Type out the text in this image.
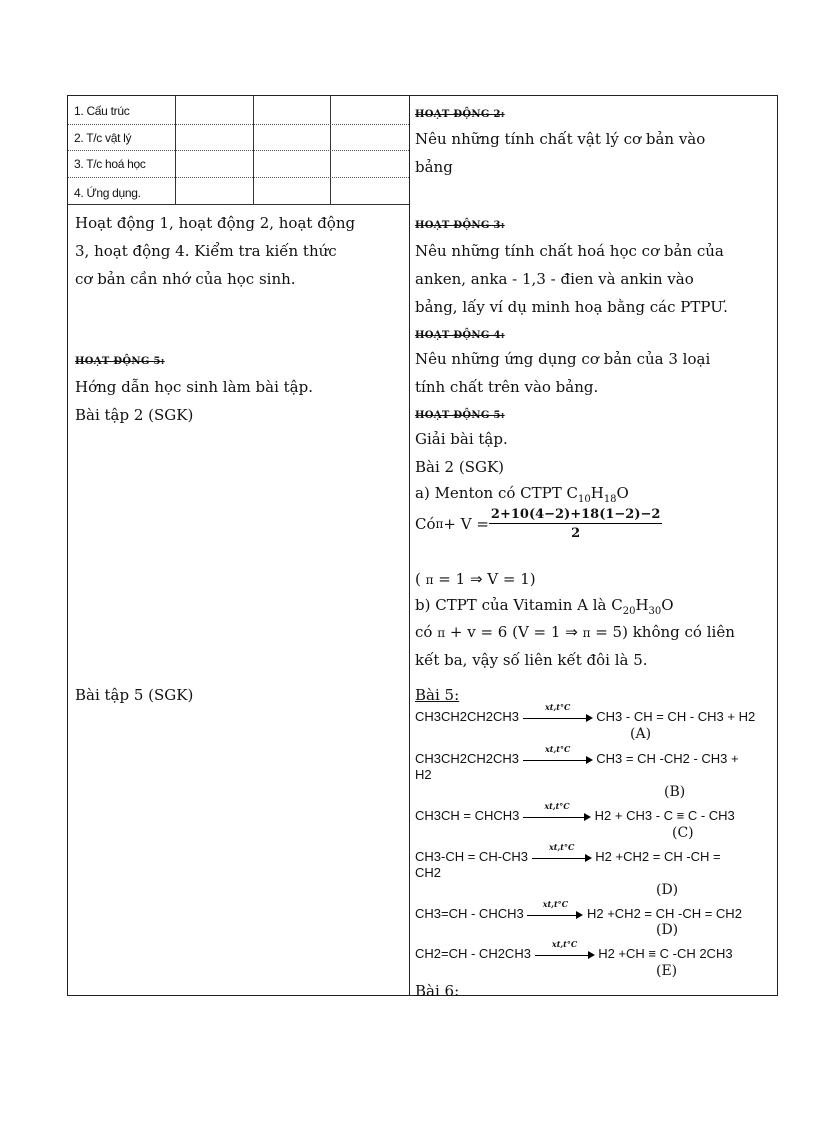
1. Cấu trúc
2. T/c vật lý
3. T/c hoá học
4. Ứng dụng.
Hoạt động 1, hoạt động 2, hoạt động
3, hoạt động 4. Kiểm tra kiến thức
cơ bản cần nhớ của học sinh.
HOẠT ĐỘNG 5:
Hớng dẫn học sinh làm bài tập.
Bài tập 2 (SGK)
Bài tập 5 (SGK)
HOẠT ĐỘNG 2:
Nêu những tính chất vật lý cơ bản vào
bảng
HOẠT ĐỘNG 3:
Nêu những tính chất hoá học cơ bản của
anken, anka - 1,3 - đien và ankin vào
bảng, lấy ví dụ minh hoạ bằng các PTPƯ.
HOẠT ĐỘNG 4:
Nêu những ứng dụng cơ bản của 3 loại
tính chất trên vào bảng.
HOẠT ĐỘNG 5:
Giải bài tập.
Bài 2 (SGK)
a) Menton có CTPT $C_{10}H_{18}O$
Có $\pi + V = \frac{2+10(4-2)+18(1-2)-2}{2}$
( π = 1 ⇒ V = 1)
b) CTPT của Vitamin A là $C_{20}H_{30}O$
có π + v = 6 (V = 1 ⇒ π = 5) không có liên
kết ba, vậy số liên kết đôi là 5.
Bài 5:
CH3CH2CH2CH3
xt,t°C
CH3 - CH = CH - CH3 + H2
(A)
CH3CH2CH2CH3
xt,t°C
CH3 = CH -CH2 - CH3 +
H2
(B)
CH3CH = CHCH3
xt,t°C
H2 + CH3 - C ≡ C - CH3
(C)
CH3-CH = CH-CH3
xt,t°C
H2 +CH2 = CH -CH =
CH2
(D)
CH3=CH - CHCH3
xt,t°C
H2 +CH2 = CH -CH = CH2
(D)
CH2=CH - CH2CH3
xt,t°C
H2 +CH ≡ C -CH 2CH3
(E)
Bài 6:
